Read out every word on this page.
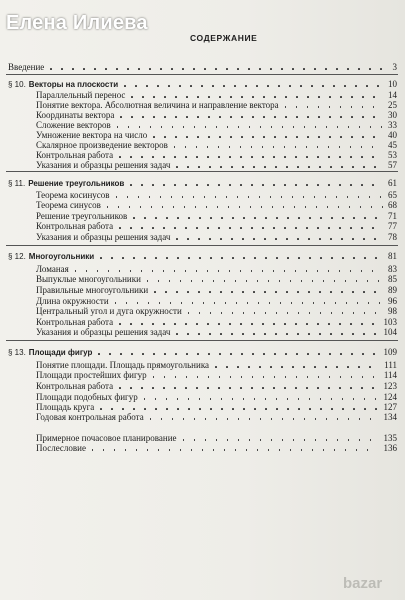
Елена Илиева
СОДЕРЖАНИЕ
Введение	3
§ 10. Векторы на плоскости	10
Параллельный перенос	14
Понятие вектора. Абсолютная величина и направление вектора	25
Координаты вектора	30
Сложение векторов	33
Умножение вектора на число	40
Скалярное произведение векторов	45
Контрольная работа	53
Указания и образцы решения задач	57
§ 11. Решение треугольников	61
Теорема косинусов	65
Теорема синусов	68
Решение треугольников	71
Контрольная работа	77
Указания и образцы решения задач	78
§ 12. Многоугольники	81
Ломаная	83
Выпуклые многоугольники	85
Правильные многоугольники	89
Длина окружности	96
Центральный угол и дуга окружности	98
Контрольная работа	103
Указания и образцы решения задач	104
§ 13. Площади фигур	109
Понятие площади. Площадь прямоугольника	111
Площади простейших фигур	114
Контрольная работа	123
Площади подобных фигур	124
Площадь круга	127
Годовая контрольная работа	134
Примерное почасовое планирование	135
Послесловие	136
bazar
